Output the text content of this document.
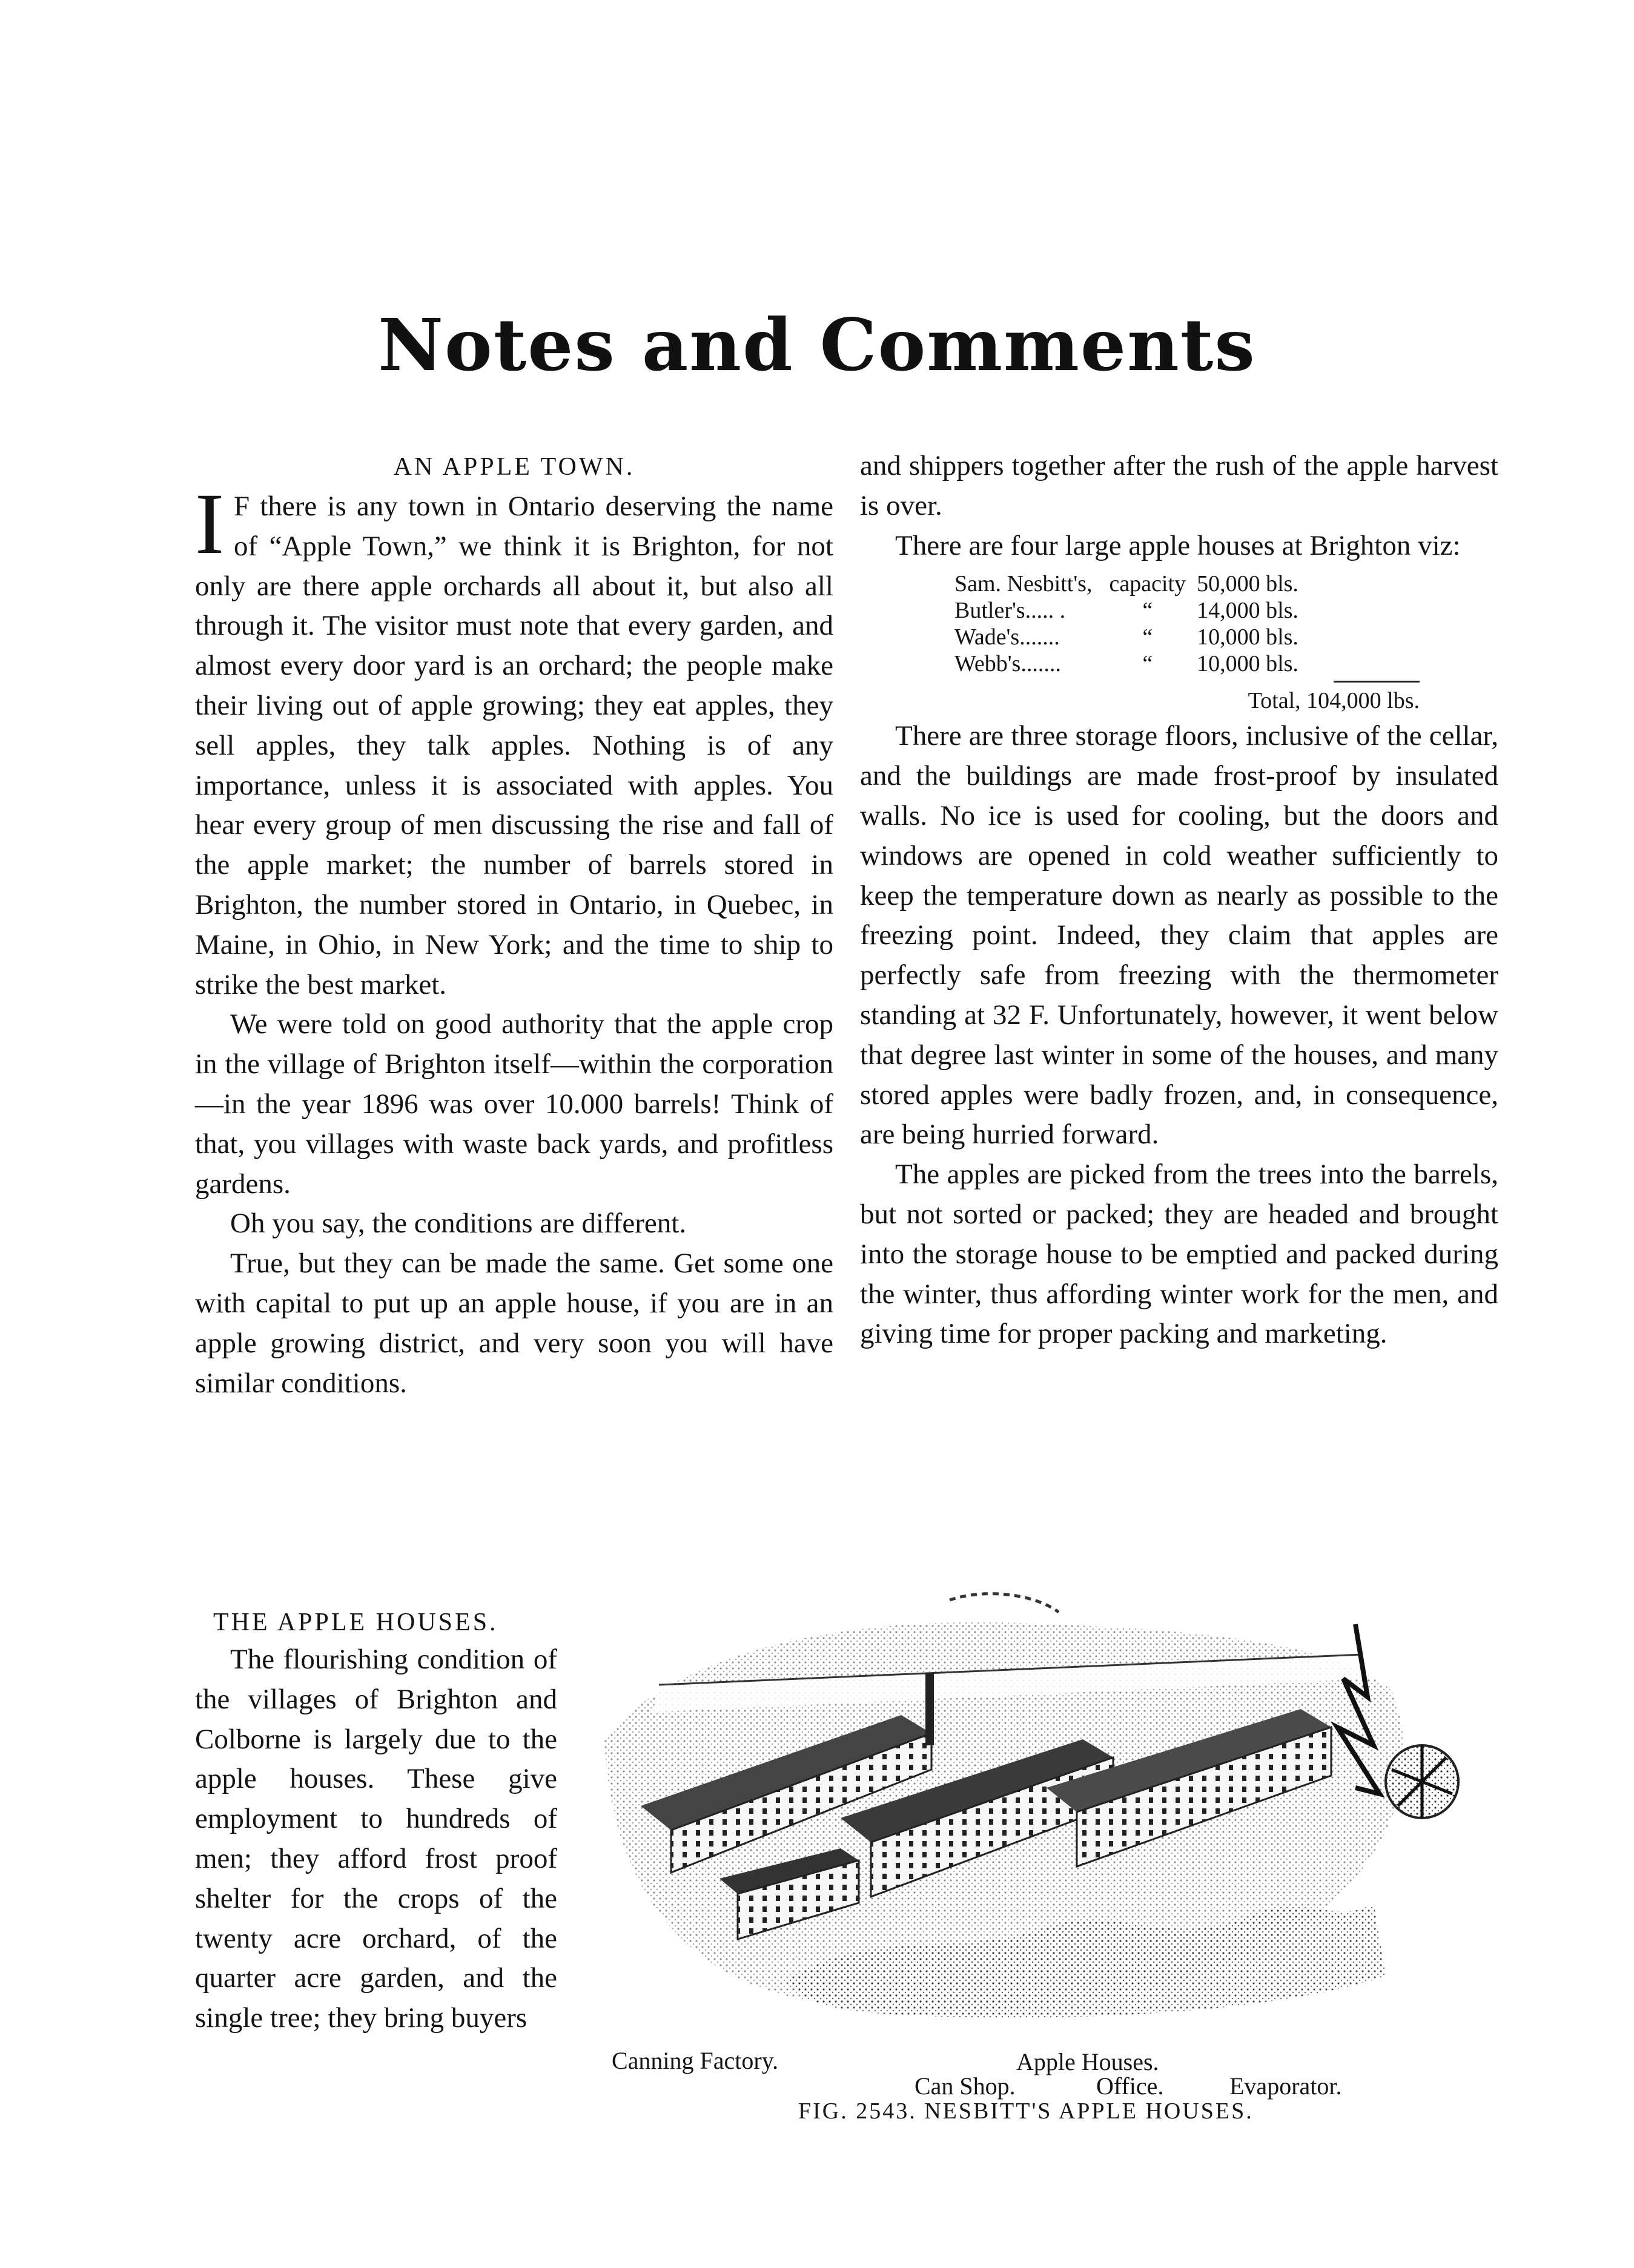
Notes and Comments
AN APPLE TOWN.

I F there is any town in Ontario deserving the name of “Apple Town,” we think it is Brighton, for not only are there apple orchards all about it, but also all through it. The visitor must note that every garden, and almost every door yard is an orchard; the people make their living out of apple growing; they eat apples, they sell apples, they talk apples. Nothing is of any importance, unless it is associated with apples. You hear every group of men discussing the rise and fall of the apple market; the number of barrels stored in Brighton, the number stored in Ontario, in Quebec, in Maine, in Ohio, in New York; and the time to ship to strike the best market.

We were told on good authority that the apple crop in the village of Brighton itself—within the corporation—in the year 1896 was over 10.000 barrels! Think of that, you villages with waste back yards, and profitless gardens.

Oh you say, the conditions are different.

True, but they can be made the same. Get some one with capital to put up an apple house, if you are in an apple growing district, and very soon you will have similar conditions.

THE APPLE HOUSES.

The flourishing condition of the villages of Brighton and Colborne is largely due to the apple houses. These give employment to hundreds of men; they afford frost proof shelter for the crops of the twenty acre orchard, of the quarter acre garden, and the single tree; they bring buyers

and shippers together after the rush of the apple harvest is over.

There are four large apple houses at Brighton viz:

Sam. Nesbitt's,	capacity	50,000 bls.
Butler's..... .	“	14,000 bls.
Wade's.......	“	10,000 bls.
Webb's.......	“	10,000 bls.
Total, 104,000 lbs.

There are three storage floors, inclusive of the cellar, and the buildings are made frost-proof by insulated walls. No ice is used for cooling, but the doors and windows are opened in cold weather sufficiently to keep the temperature down as nearly as possible to the freezing point. Indeed, they claim that apples are perfectly safe from freezing with the thermometer standing at 32 F. Unfortunately, however, it went below that degree last winter in some of the houses, and many stored apples were badly frozen, and, in consequence, are being hurried forward.

The apples are picked from the trees into the barrels, but not sorted or packed; they are headed and brought into the storage house to be emptied and packed during the winter, thus affording winter work for the men, and giving time for proper packing and marketing.

Canning Factory.	Apple Houses.
Can Shop.	Office.	Evaporator.
FIG. 2543. NESBITT'S APPLE HOUSES.
